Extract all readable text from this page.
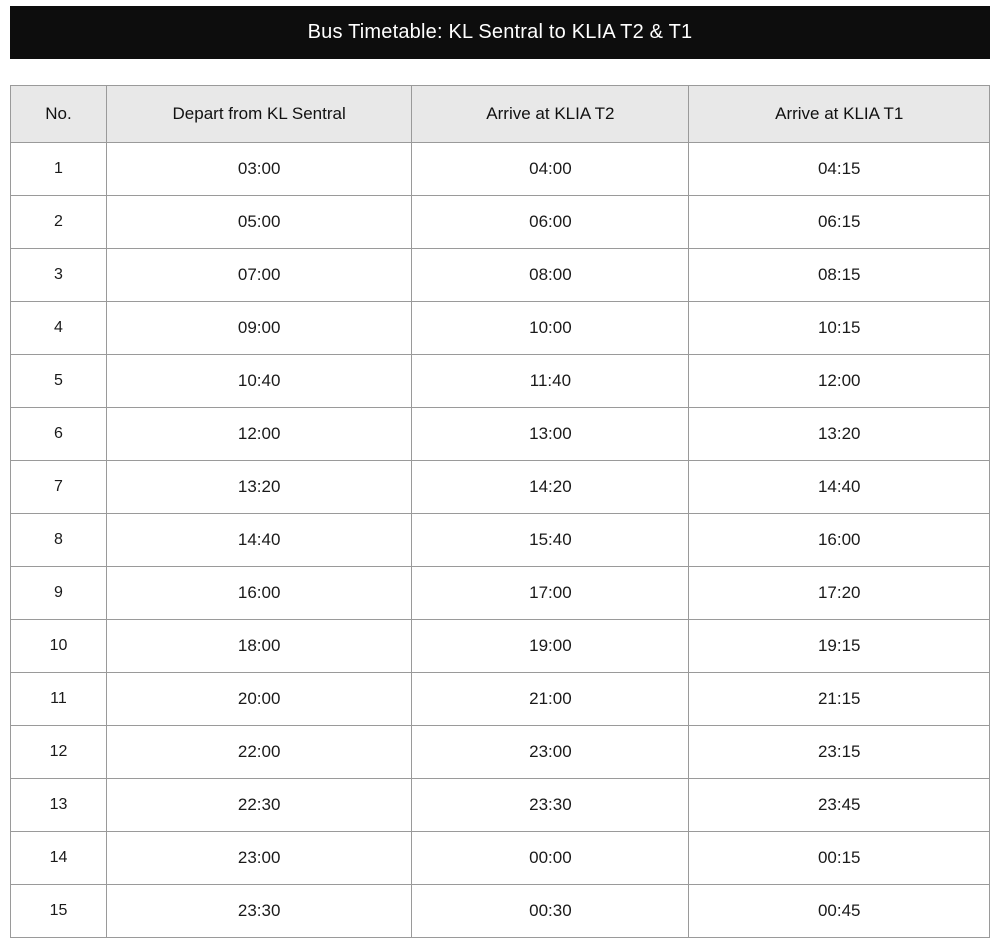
Bus Timetable: KL Sentral to KLIA T2 & T1
No.	Depart from KL Sentral	Arrive at KLIA T2	Arrive at KLIA T1
1	03:00	04:00	04:15
2	05:00	06:00	06:15
3	07:00	08:00	08:15
4	09:00	10:00	10:15
5	10:40	11:40	12:00
6	12:00	13:00	13:20
7	13:20	14:20	14:40
8	14:40	15:40	16:00
9	16:00	17:00	17:20
10	18:00	19:00	19:15
11	20:00	21:00	21:15
12	22:00	23:00	23:15
13	22:30	23:30	23:45
14	23:00	00:00	00:15
15	23:30	00:30	00:45
